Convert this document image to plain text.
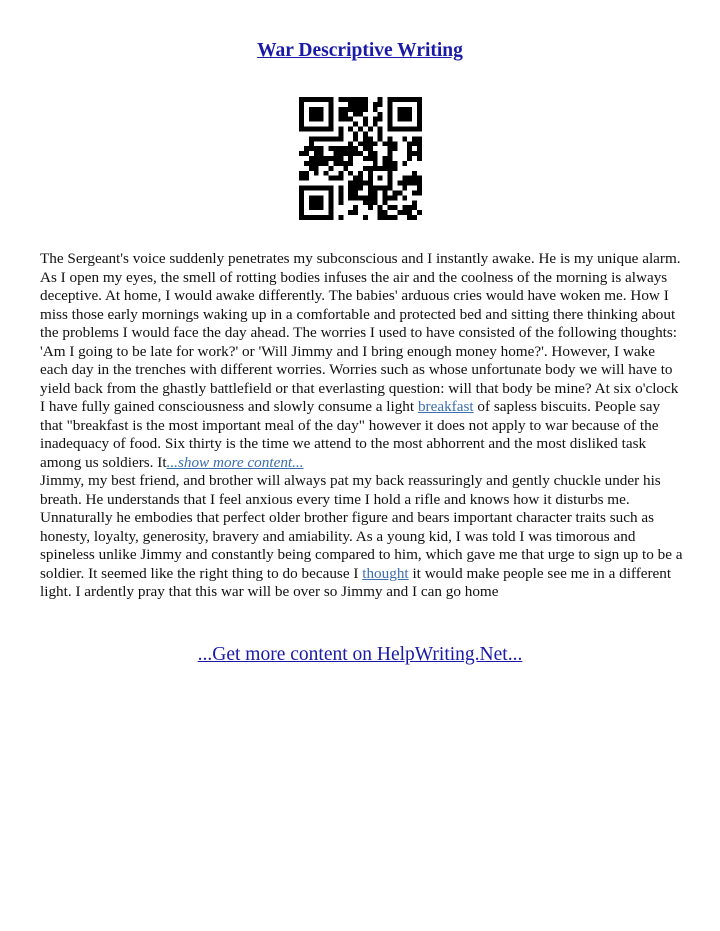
War Descriptive Writing

The Sergeant's voice suddenly penetrates my subconscious and I instantly awake. He is my unique alarm. As I open my eyes, the smell of rotting bodies infuses the air and the coolness of the morning is always deceptive. At home, I would awake differently. The babies' arduous cries would have woken me. How I miss those early mornings waking up in a comfortable and protected bed and sitting there thinking about the problems I would face the day ahead. The worries I used to have consisted of the following thoughts: 'Am I going to be late for work?' or 'Will Jimmy and I bring enough money home?'. However, I wake each day in the trenches with different worries. Worries such as whose unfortunate body we will have to yield back from the ghastly battlefield or that everlasting question: will that body be mine? At six o'clock I have fully gained consciousness and slowly consume a light breakfast of sapless biscuits. People say that "breakfast is the most important meal of the day" however it does not apply to war because of the inadequacy of food. Six thirty is the time we attend to the most abhorrent and the most disliked task among us soldiers. It...show more content...

Jimmy, my best friend, and brother will always pat my back reassuringly and gently chuckle under his breath. He understands that I feel anxious every time I hold a rifle and knows how it disturbs me. Unnaturally he embodies that perfect older brother figure and bears important character traits such as honesty, loyalty, generosity, bravery and amiability. As a young kid, I was told I was timorous and spineless unlike Jimmy and constantly being compared to him, which gave me that urge to sign up to be a soldier. It seemed like the right thing to do because I thought it would make people see me in a different light. I ardently pray that this war will be over so Jimmy and I can go home

...Get more content on HelpWriting.Net...
